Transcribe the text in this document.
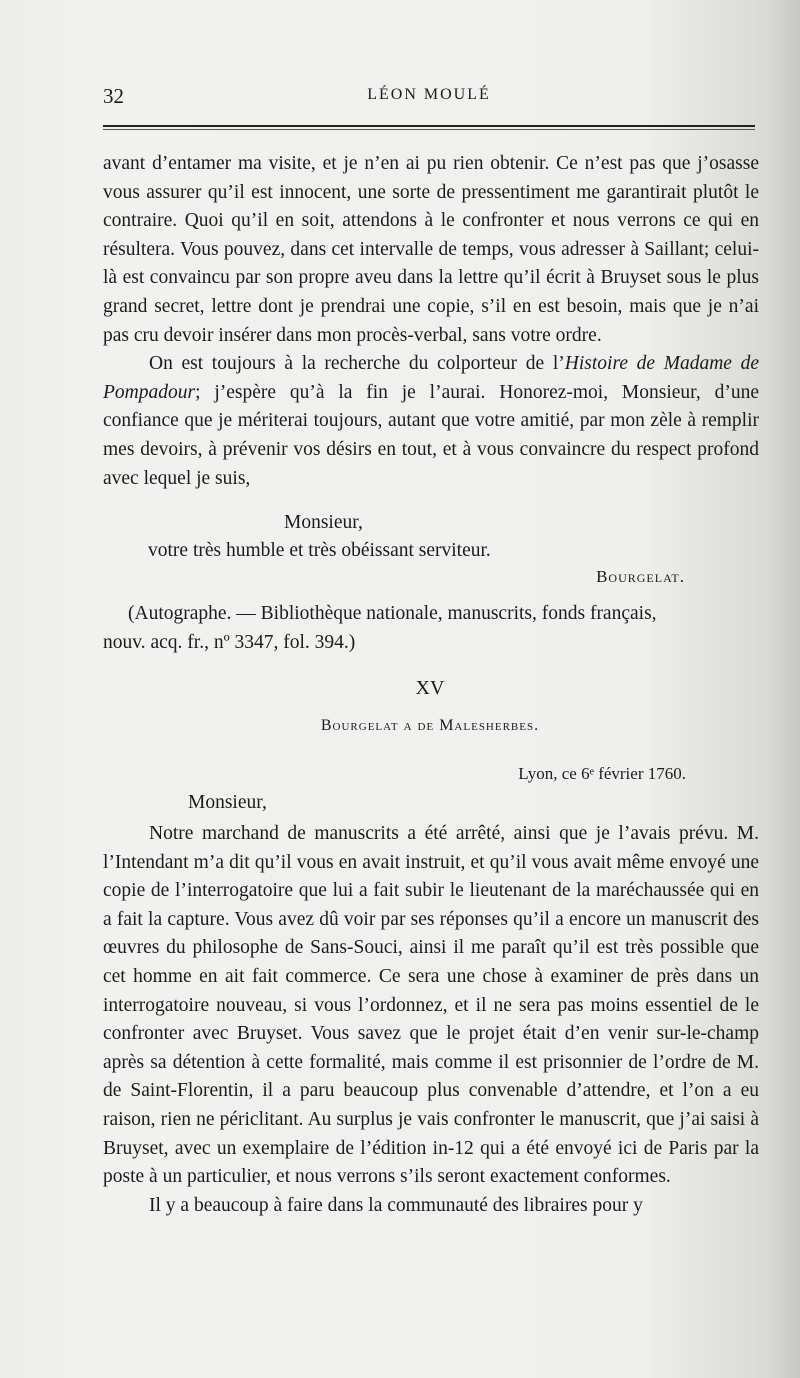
32	LÉON MOULÉ

avant d’entamer ma visite, et je n’en ai pu rien obtenir. Ce n’est pas que j’osasse vous assurer qu’il est innocent, une sorte de pressentiment me garantirait plutôt le contraire. Quoi qu’il en soit, attendons à le confronter et nous verrons ce qui en résultera. Vous pouvez, dans cet intervalle de temps, vous adresser à Saillant; celui-là est convaincu par son propre aveu dans la lettre qu’il écrit à Bruyset sous le plus grand secret, lettre dont je prendrai une copie, s’il en est besoin, mais que je n’ai pas cru devoir insérer dans mon procès-verbal, sans votre ordre.

On est toujours à la recherche du colporteur de l’Histoire de Madame de Pompadour; j’espère qu’à la fin je l’aurai. Honorez-moi, Monsieur, d’une confiance que je mériterai toujours, autant que votre amitié, par mon zèle à remplir mes devoirs, à prévenir vos désirs en tout, et à vous convaincre du respect profond avec lequel je suis,

Monsieur,
votre très humble et très obéissant serviteur.
Bourgelat.
(Autographe. — Bibliothèque nationale, manuscrits, fonds français,
nouv. acq. fr., nº 3347, fol. 394.)
XV
Bourgelat a de Malesherbes.
Lyon, ce 6ᵉ février 1760.
Monsieur,

Notre marchand de manuscrits a été arrêté, ainsi que je l’avais prévu. M. l’Intendant m’a dit qu’il vous en avait instruit, et qu’il vous avait même envoyé une copie de l’interrogatoire que lui a fait subir le lieutenant de la maréchaussée qui en a fait la capture. Vous avez dû voir par ses réponses qu’il a encore un manuscrit des œuvres du philosophe de Sans-Souci, ainsi il me paraît qu’il est très possible que cet homme en ait fait commerce. Ce sera une chose à examiner de près dans un interrogatoire nouveau, si vous l’ordonnez, et il ne sera pas moins essentiel de le confronter avec Bruyset. Vous savez que le projet était d’en venir sur-le-champ après sa détention à cette formalité, mais comme il est prisonnier de l’ordre de M. de Saint-Florentin, il a paru beaucoup plus convenable d’attendre, et l’on a eu raison, rien ne périclitant. Au surplus je vais confronter le manuscrit, que j’ai saisi à Bruyset, avec un exemplaire de l’édition in-12 qui a été envoyé ici de Paris par la poste à un particulier, et nous verrons s’ils seront exactement conformes.

Il y a beaucoup à faire dans la communauté des libraires pour y
